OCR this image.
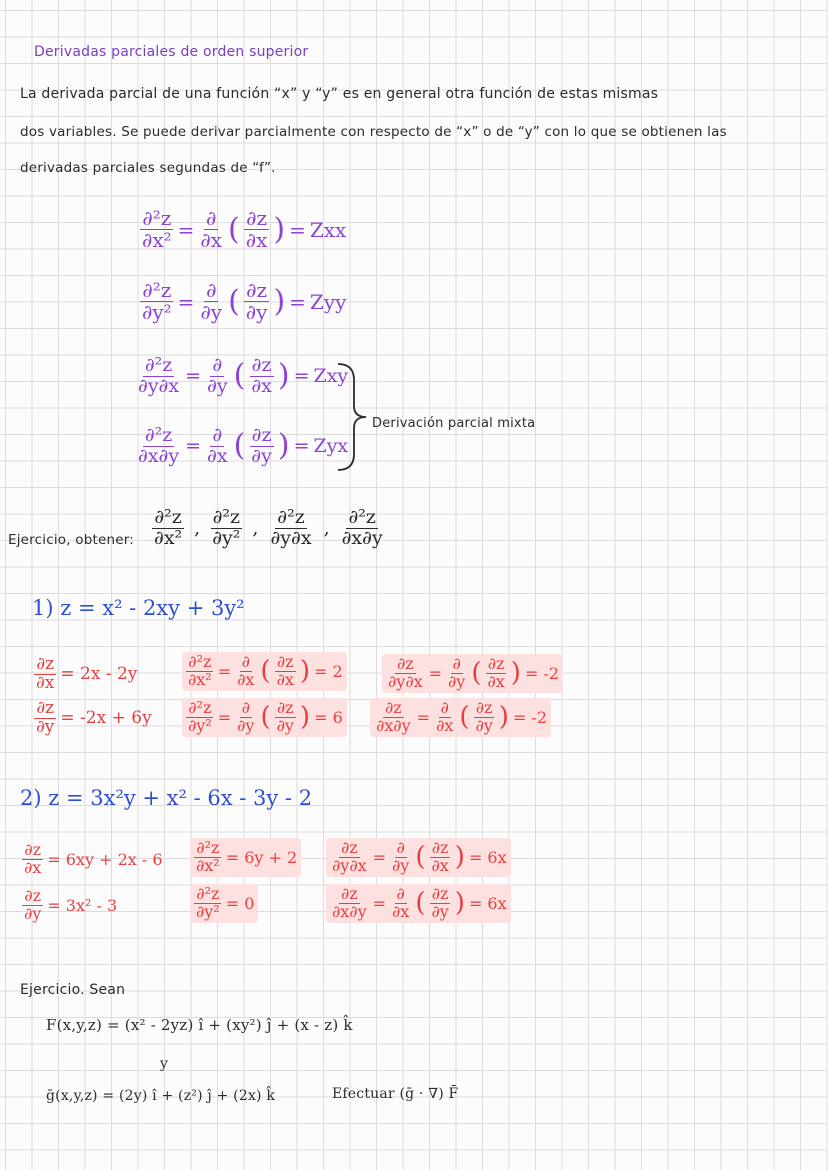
Derivadas parciales de orden superior
La derivada parcial de una función “x” y “y” es en general otra función de estas mismas
dos variables. Se puede derivar parcialmente con respecto de “x” o de “y” con lo que se obtienen las
derivadas parciales segundas de “f”.
$\frac{\text{∂²z}}{\text{∂x²}} = \frac{\partial}{\partial x}$ ( $\frac{\partial z}{\partial x}$ ) = Zxx
$\frac{\text{∂²z}}{\text{∂y²}} = \frac{\partial}{\partial y}$ ( $\frac{\partial z}{\partial y}$ ) = Zyy
$\frac{\text{∂²z}}{\partial y\partial x} = \frac{\partial}{\partial y}$ ( $\frac{\partial z}{\partial x}$ ) = Zxy
$\frac{\text{∂²z}}{\partial x\partial y} = \frac{\partial}{\partial x}$ ( $\frac{\partial z}{\partial y}$ ) = Zyx
Derivación parcial mixta
Ejercicio, obtener: $\frac{\text{∂²z}}{\text{∂x²}}$ , $\frac{\text{∂²z}}{\text{∂y²}}$ , $\frac{\text{∂²z}}{\partial y\partial x}$ , $\frac{\text{∂²z}}{\partial x\partial y}$
1) z = x² - 2xy + 3y²
$\frac{\partial z}{\partial x} = 2x - 2y$
$\frac{\partial z}{\partial y} = -2x + 6y$
$\frac{\text{∂²z}}{\text{∂x²}} = \frac{\partial}{\partial x}$ ( $\frac{\partial z}{\partial x}$ ) = 2
$\frac{\text{∂²z}}{\text{∂y²}} = \frac{\partial}{\partial y}$ ( $\frac{\partial z}{\partial y}$ ) = 6
$\frac{\partial z}{\partial y\partial x} = \frac{\partial}{\partial y}$ ( $\frac{\partial z}{\partial x}$ ) = -2
$\frac{\partial z}{\partial x\partial y} = \frac{\partial}{\partial x}$ ( $\frac{\partial z}{\partial y}$ ) = -2
2) z = 3x²y + x² - 6x - 3y - 2
$\frac{\partial z}{\partial x} = 6xy + 2x - 6$
$\frac{\partial z}{\partial y} = 3x^2 - 3$
$\frac{\text{∂²z}}{\text{∂x²}} = 6y + 2$
$\frac{\text{∂²z}}{\text{∂y²}} = 0$
$\frac{\partial z}{\partial y\partial x} = \frac{\partial}{\partial y}$ ( $\frac{\partial z}{\partial x}$ ) = 6x
$\frac{\partial z}{\partial x\partial y} = \frac{\partial}{\partial x}$ ( $\frac{\partial z}{\partial y}$ ) = 6x
Ejercicio. Sean
F(x,y,z) = (x² - 2yz) î + (xy²) ĵ + (x - z) k̂
y
ḡ(x,y,z) = (2y) î + (z²) ĵ + (2x) k̂	Efectuar (ḡ · ∇) F̄
